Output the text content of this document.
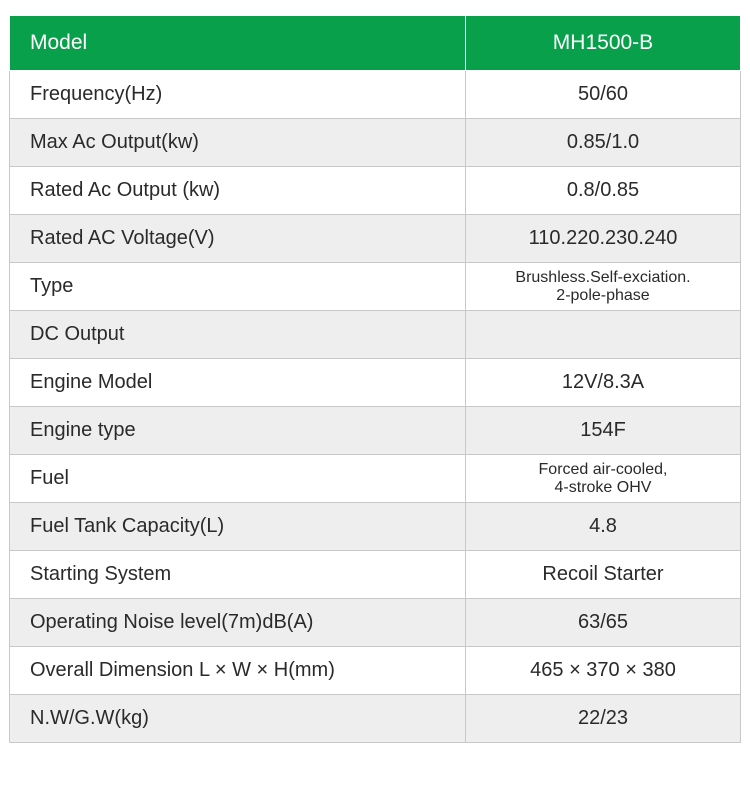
Model	MH1500-B
Frequency(Hz)	50/60
Max Ac Output(kw)	0.85/1.0
Rated Ac Output (kw)	0.8/0.85
Rated AC Voltage(V)	110.220.230.240
Type	Brushless.Self-exciation.
2-pole-phase

DC Output	
Engine Model	12V/8.3A
Engine type	154F
Fuel	Forced air-cooled,
4-stroke OHV

Fuel Tank Capacity(L)	4.8
Starting System	Recoil Starter
Operating Noise level(7m)dB(A)	63/65
Overall Dimension L × W × H(mm)	465 × 370 × 380
N.W/G.W(kg)	22/23
